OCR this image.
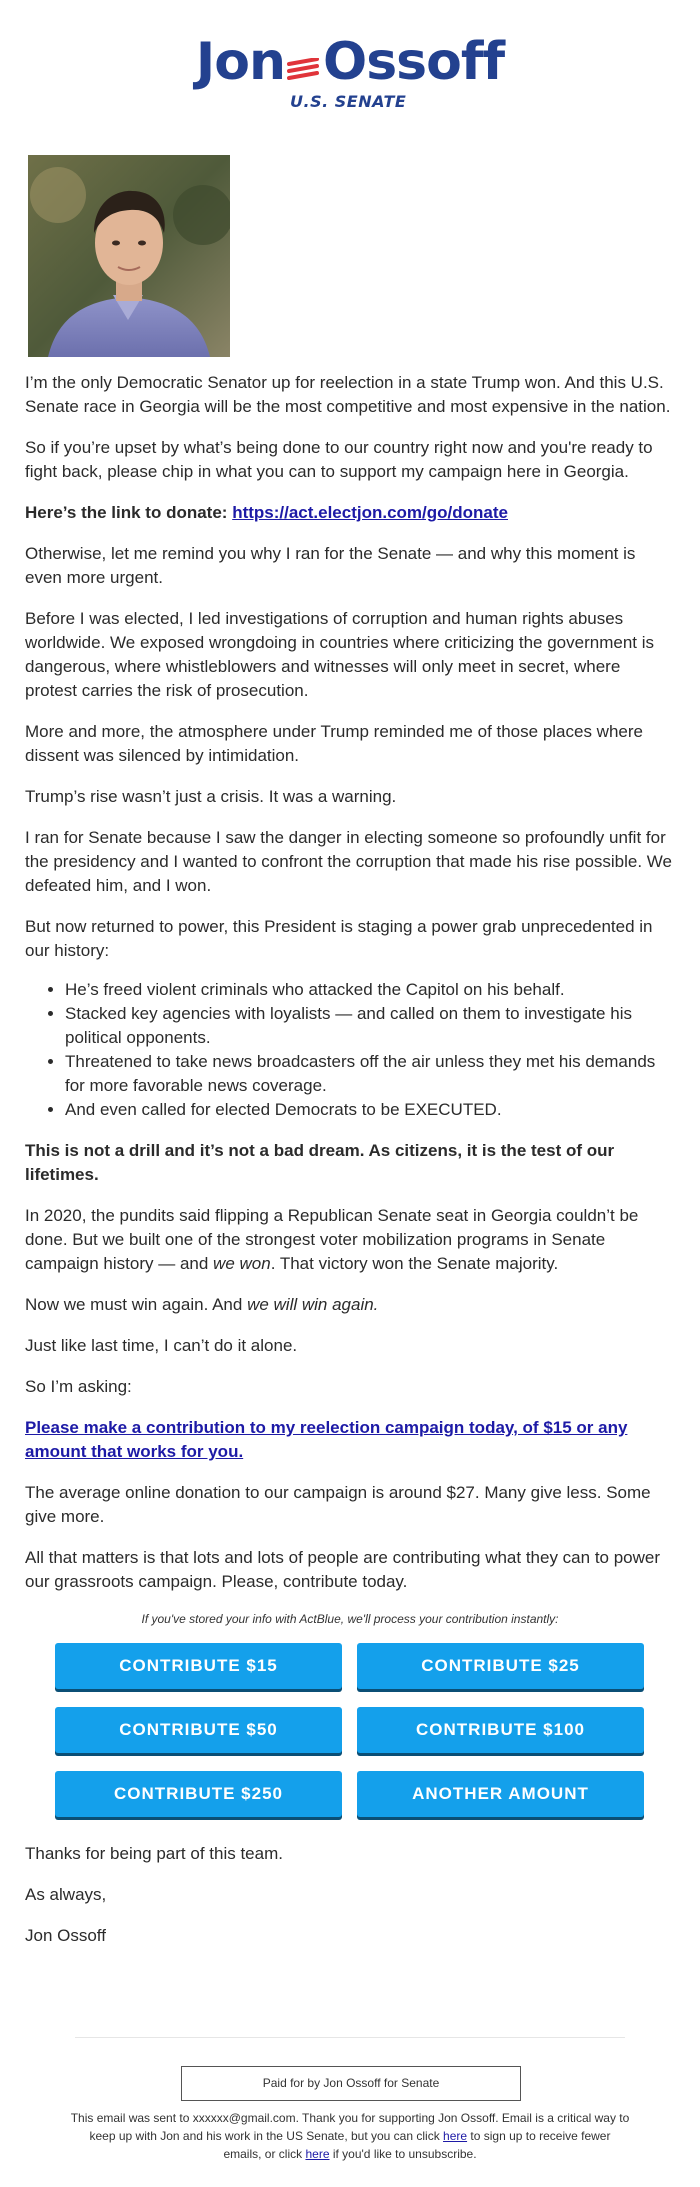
Jon Ossoff
U.S. SENATE

I’m the only Democratic Senator up for reelection in a state Trump won. And this U.S. Senate race in Georgia will be the most competitive and most expensive in the nation.

So if you’re upset by what’s being done to our country right now and you're ready to fight back, please chip in what you can to support my campaign here in Georgia.

Here’s the link to donate: https://act.electjon.com/go/donate

Otherwise, let me remind you why I ran for the Senate — and why this moment is even more urgent.

Before I was elected, I led investigations of corruption and human rights abuses worldwide. We exposed wrongdoing in countries where criticizing the government is dangerous, where whistleblowers and witnesses will only meet in secret, where protest carries the risk of prosecution.

More and more, the atmosphere under Trump reminded me of those places where dissent was silenced by intimidation.

Trump’s rise wasn’t just a crisis. It was a warning.

I ran for Senate because I saw the danger in electing someone so profoundly unfit for the presidency and I wanted to confront the corruption that made his rise possible. We defeated him, and I won.

But now returned to power, this President is staging a power grab unprecedented in our history:

• He’s freed violent criminals who attacked the Capitol on his behalf.
• Stacked key agencies with loyalists — and called on them to investigate his political opponents.
• Threatened to take news broadcasters off the air unless they met his demands for more favorable news coverage.
• And even called for elected Democrats to be EXECUTED.

This is not a drill and it’s not a bad dream. As citizens, it is the test of our lifetimes.

In 2020, the pundits said flipping a Republican Senate seat in Georgia couldn’t be done. But we built one of the strongest voter mobilization programs in Senate campaign history — and we won. That victory won the Senate majority.

Now we must win again. And we will win again.

Just like last time, I can’t do it alone.

So I’m asking:

Please make a contribution to my reelection campaign today, of $15 or any amount that works for you.

The average online donation to our campaign is around $27. Many give less. Some give more.

All that matters is that lots and lots of people are contributing what they can to power our grassroots campaign. Please, contribute today.

If you've stored your info with ActBlue, we'll process your contribution instantly:
CONTRIBUTE $15	CONTRIBUTE $25
CONTRIBUTE $50	CONTRIBUTE $100
CONTRIBUTE $250	ANOTHER AMOUNT

Thanks for being part of this team.

As always,

Jon Ossoff

Paid for by Jon Ossoff for Senate
This email was sent to xxxxxx@gmail.com. Thank you for supporting Jon Ossoff. Email is a critical way to keep up with Jon and his work in the US Senate, but you can click here to sign up to receive fewer emails, or click here if you'd like to unsubscribe.
